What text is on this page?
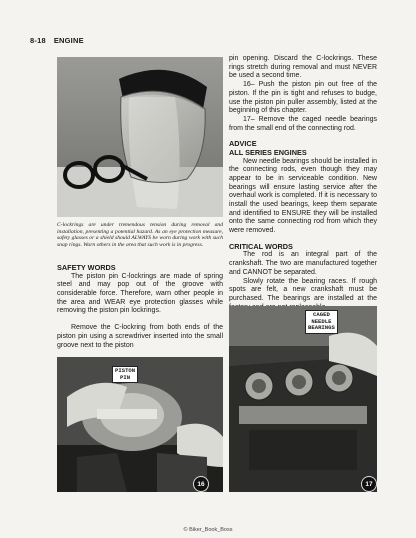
8-18 ENGINE
C-lockrings are under tremendous tension during removal and installation, presenting a potential hazard. As an eye protection measure, safety glasses or a shield should ALWAYS be worn during work with such snap rings. Warn others in the area that such work is in progress.

SAFETY WORDS

The piston pin C-lockrings are made of spring steel and may pop out of the groove with considerable force. Therefore, warn other people in the area and WEAR eye protection glasses while removing the piston pin lockrings.

Remove the C-lockring from both ends of the piston pin using a screwdriver inserted into the small groove next to the piston

PISTON
PIN
16

pin opening. Discard the C-lockrings. These rings stretch during removal and must NEVER be used a second time.

16– Push the piston pin out free of the piston. If the pin is tight and refuses to budge, use the piston pin puller assembly, listed at the beginning of this chapter.

17– Remove the caged needle bearings from the small end of the connecting rod.

ADVICE

ALL SERIES ENGINES

New needle bearings should be installed in the connecting rods, even though they may appear to be in serviceable condition. New bearings will ensure lasting service after the overhaul work is completed. If it is necessary to install the used bearings, keep them separate and identified to ENSURE they will be installed onto the same connecting rod from which they were removed.

CRITICAL WORDS

The rod is an integral part of the crankshaft. The two are manufactured together and CANNOT be separated.

Slowly rotate the bearing races. If rough spots are felt, a new crankshaft must be purchased. The bearings are installed at the

CAGED
NEEDLE
BEARINGS
17
© Biker_Book_Boss
